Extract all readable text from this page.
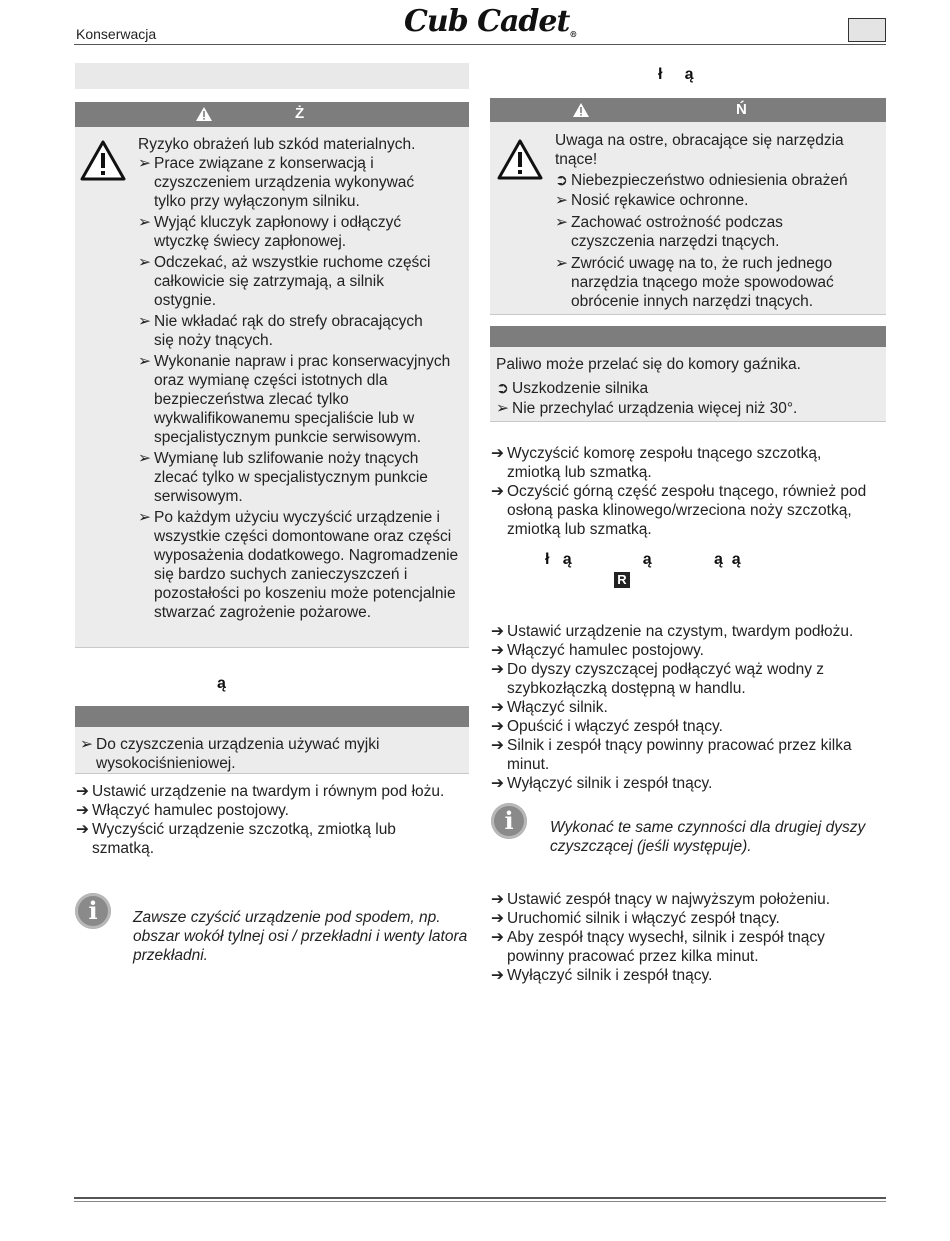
Konserwacja	Cub Cadet®
Ż
Ryzyko obrażeń lub szkód materialnych.
➢ Prace związane z konserwacją i czyszczeniem urządzenia wykonywać tylko przy wyłączonym silniku.
➢ Wyjąć kluczyk zapłonowy i odłączyć wtyczkę świecy zapłonowej.
➢ Odczekać, aż wszystkie ruchome części całkowicie się zatrzymają, a silnik ostygnie.
➢ Nie wkładać rąk do strefy obracających się noży tnących.
➢ Wykonanie napraw i prac konserwacyjnych oraz wymianę części istotnych dla bezpieczeństwa zlecać tylko wykwalifikowanemu specjaliście lub w specjalistycznym punkcie serwisowym.
➢ Wymianę lub szlifowanie noży tnących zlecać tylko w specjalistycznym punkcie serwisowym.
➢ Po każdym użyciu wyczyścić urządzenie i wszystkie części domontowane oraz części wyposażenia dodatkowego. Nagromadzenie się bardzo suchych zanieczyszczeń i pozostałości po koszeniu może potencjalnie stwarzać zagrożenie pożarowe.
ą
➢ Do czyszczenia urządzenia używać myjki wysokociśnieniowej.
➔ Ustawić urządzenie na twardym i równym pod łożu.
➔ Włączyć hamulec postojowy.
➔ Wyczyścić urządzenie szczotką, zmiotką lub szmatką.
i	Zawsze czyścić urządzenie pod spodem, np. obszar wokół tylnej osi / przekładni i wenty latora przekładni.
ł     ą
Ń
Uwaga na ostre, obracające się narzędzia tnące!
➲ Niebezpieczeństwo odniesienia obrażeń
➢ Nosić rękawice ochronne.
➢ Zachować ostrożność podczas czyszczenia narzędzi tnących.
➢ Zwrócić uwagę na to, że ruch jednego narzędzia tnącego może spowodować obrócenie innych narzędzi tnących.
Paliwo może przelać się do komory gaźnika.
➲ Uszkodzenie silnika
➢ Nie przechylać urządzenia więcej niż 30°.
➔ Wyczyścić komorę zespołu tnącego szczotką, zmiotką lub szmatką.
➔ Oczyścić górną część zespołu tnącego, również pod osłoną paska klinowego/wrzeciona noży szczotką, zmiotką lub szmatką.
ł   ą                ą              ą  ą
R
➔ Ustawić urządzenie na czystym, twardym podłożu.
➔ Włączyć hamulec postojowy.
➔ Do dyszy czyszczącej podłączyć wąż wodny z szybkozłączką dostępną w handlu.
➔ Włączyć silnik.
➔ Opuścić i włączyć zespół tnący.
➔ Silnik i zespół tnący powinny pracować przez kilka minut.
➔ Wyłączyć silnik i zespół tnący.
i	Wykonać te same czynności dla drugiej dyszy czyszczącej (jeśli występuje).
➔ Ustawić zespół tnący w najwyższym położeniu.
➔ Uruchomić silnik i włączyć zespół tnący.
➔ Aby zespół tnący wysechł, silnik i zespół tnący powinny pracować przez kilka minut.
➔ Wyłączyć silnik i zespół tnący.
